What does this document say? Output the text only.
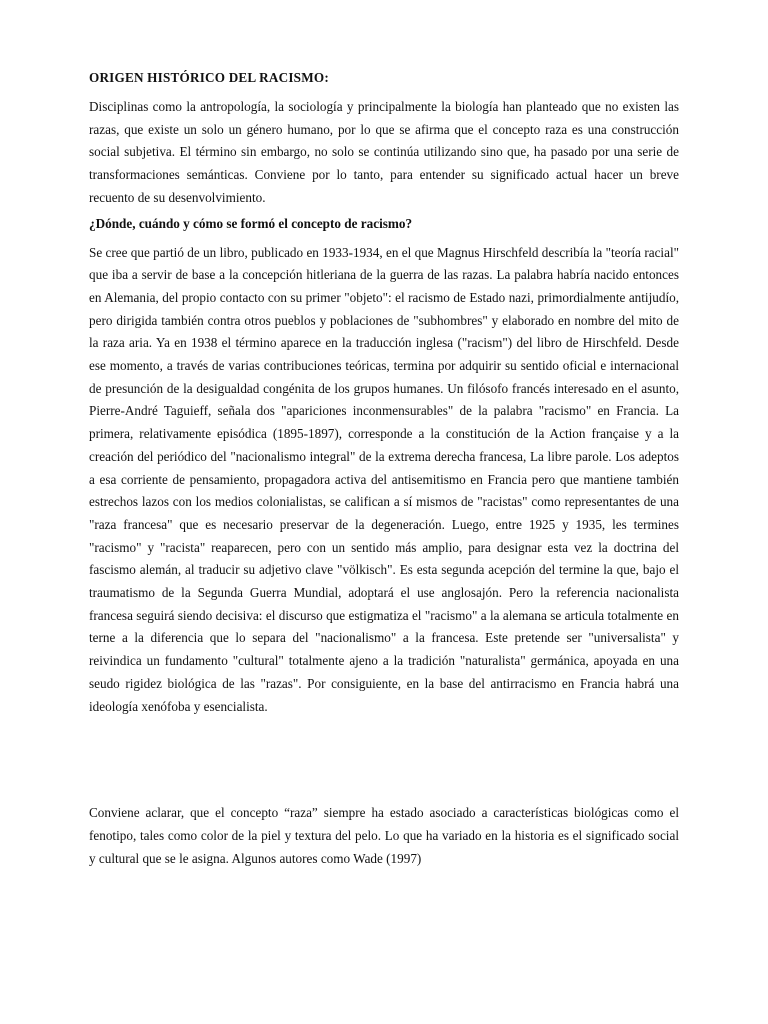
ORIGEN HISTÓRICO DEL RACISMO:

Disciplinas como la antropología, la sociología y principalmente la biología han planteado que no existen las razas, que existe un solo un género humano, por lo que se afirma que el concepto raza es una construcción social subjetiva. El término sin embargo, no solo se continúa utilizando sino que, ha pasado por una serie de transformaciones semánticas. Conviene por lo tanto, para entender su significado actual hacer un breve recuento de su desenvolvimiento.

¿Dónde, cuándo y cómo se formó el concepto de racismo?

Se cree que partió de un libro, publicado en 1933-1934, en el que Magnus Hirschfeld describía la "teoría racial" que iba a servir de base a la concepción hitleriana de la guerra de las razas. La palabra habría nacido entonces en Alemania, del propio contacto con su primer "objeto": el racismo de Estado nazi, primordialmente antijudío, pero dirigida también contra otros pueblos y poblaciones de "subhombres" y elaborado en nombre del mito de la raza aria. Ya en 1938 el término aparece en la traducción inglesa ("racism") del libro de Hirschfeld. Desde ese momento, a través de varias contribuciones teóricas, termina por adquirir su sentido oficial e internacional de presunción de la desigualdad congénita de los grupos humanes. Un filósofo francés interesado en el asunto, Pierre-André Taguieff, señala dos "apariciones inconmensurables" de la palabra "racismo" en Francia. La primera, relativamente episódica (1895-1897), corresponde a la constitución de la Action française y a la creación del periódico del "nacionalismo integral" de la extrema derecha francesa, La libre parole. Los adeptos a esa corriente de pensamiento, propagadora activa del antisemitismo en Francia pero que mantiene también estrechos lazos con los medios colonialistas, se califican a sí mismos de "racistas" como representantes de una "raza francesa" que es necesario preservar de la degeneración. Luego, entre 1925 y 1935, les termines "racismo" y "racista" reaparecen, pero con un sentido más amplio, para designar esta vez la doctrina del fascismo alemán, al traducir su adjetivo clave "völkisch". Es esta segunda acepción del termine la que, bajo el traumatismo de la Segunda Guerra Mundial, adoptará el use anglosajón. Pero la referencia nacionalista francesa seguirá siendo decisiva: el discurso que estigmatiza el "racismo" a la alemana se articula totalmente en terne a la diferencia que lo separa del "nacionalismo" a la francesa. Este pretende ser "universalista" y reivindica un fundamento "cultural" totalmente ajeno a la tradición "naturalista" germánica, apoyada en una seudo rigidez biológica de las "razas". Por consiguiente, en la base del antirracismo en Francia habrá una ideología xenófoba y esencialista.

Conviene aclarar, que el concepto “raza” siempre ha estado asociado a características biológicas como el fenotipo, tales como color de la piel y textura del pelo. Lo que ha variado en la historia es el significado social y cultural que se le asigna. Algunos autores como Wade (1997)
